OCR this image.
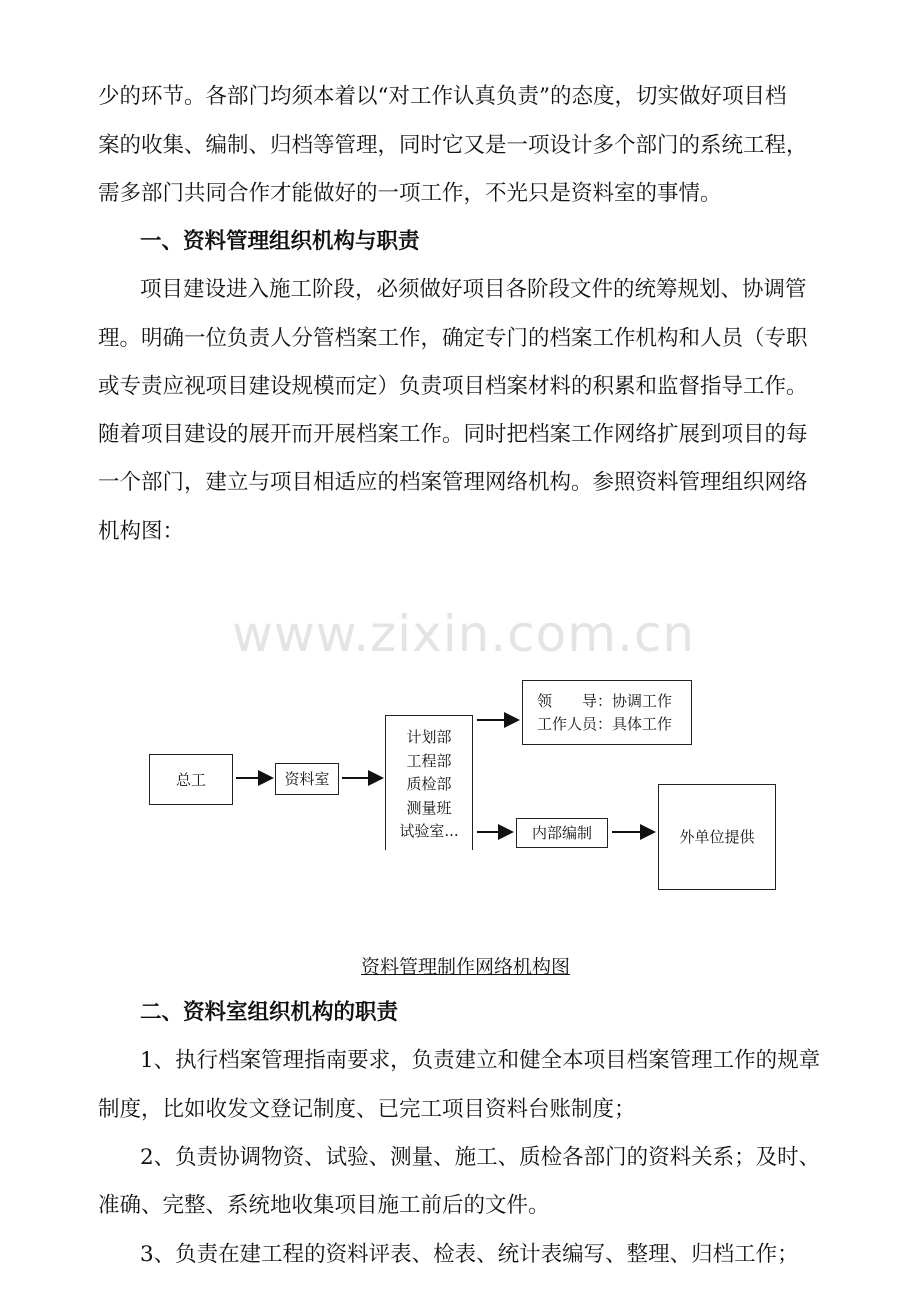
www.zixin.com.cn
少的环节。各部门均须本着以“对工作认真负责”的态度，切实做好项目档
案的收集、编制、归档等管理，同时它又是一项设计多个部门的系统工程，
需多部门共同合作才能做好的一项工作，不光只是资料室的事情。
一、资料管理组织机构与职责
项目建设进入施工阶段，必须做好项目各阶段文件的统筹规划、协调管
理。明确一位负责人分管档案工作，确定专门的档案工作机构和人员（专职
或专责应视项目建设规模而定）负责项目档案材料的积累和监督指导工作。
随着项目建设的展开而开展档案工作。同时把档案工作网络扩展到项目的每
一个部门，建立与项目相适应的档案管理网络机构。参照资料管理组织网络
机构图：
总工	资料室
计划部
工程部
质检部
测量班
试验室...
领　　导：协调工作
工作人员：具体工作
内部编制	外单位提供
资料管理制作网络机构图
二、资料室组织机构的职责
1、执行档案管理指南要求，负责建立和健全本项目档案管理工作的规章
制度，比如收发文登记制度、已完工项目资料台账制度；
2、负责协调物资、试验、测量、施工、质检各部门的资料关系；及时、
准确、完整、系统地收集项目施工前后的文件。
3、负责在建工程的资料评表、检表、统计表编写、整理、归档工作；
